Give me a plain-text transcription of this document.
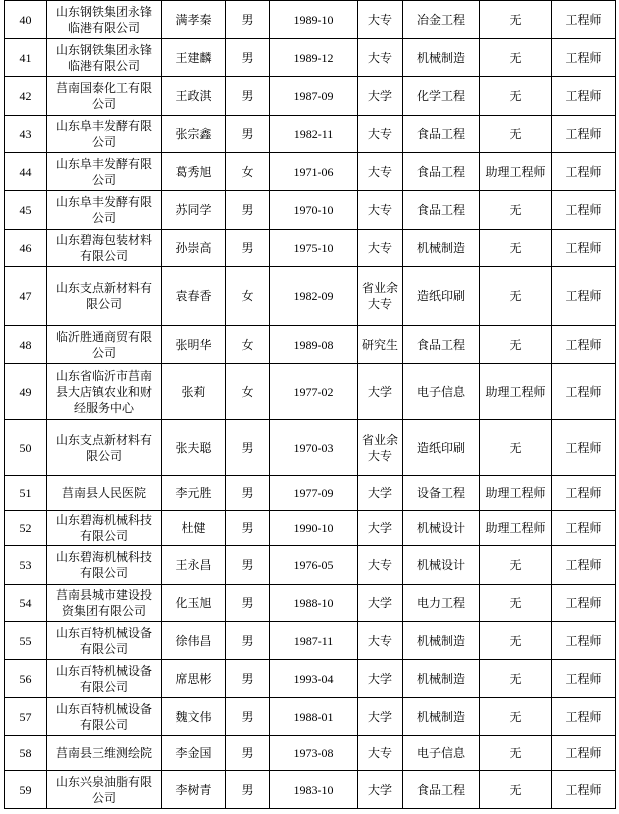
40	山东钢铁集团永锋临港有限公司	满孝秦	男	1989-10	大专	冶金工程	无	工程师
41	山东钢铁集团永锋临港有限公司	王建麟	男	1989-12	大专	机械制造	无	工程师
42	莒南国泰化工有限公司	王政淇	男	1987-09	大学	化学工程	无	工程师
43	山东阜丰发酵有限公司	张宗鑫	男	1982-11	大专	食品工程	无	工程师
44	山东阜丰发酵有限公司	葛秀旭	女	1971-06	大专	食品工程	助理工程师	工程师
45	山东阜丰发酵有限公司	苏同学	男	1970-10	大专	食品工程	无	工程师
46	山东碧海包装材料有限公司	孙崇高	男	1975-10	大专	机械制造	无	工程师
47	山东支点新材料有限公司	袁春香	女	1982-09	省业余大专	造纸印刷	无	工程师
48	临沂胜通商贸有限公司	张明华	女	1989-08	研究生	食品工程	无	工程师
49	山东省临沂市莒南县大店镇农业和财经服务中心	张莉	女	1977-02	大学	电子信息	助理工程师	工程师
50	山东支点新材料有限公司	张夫聪	男	1970-03	省业余大专	造纸印刷	无	工程师
51	莒南县人民医院	李元胜	男	1977-09	大学	设备工程	助理工程师	工程师
52	山东碧海机械科技有限公司	杜健	男	1990-10	大学	机械设计	助理工程师	工程师
53	山东碧海机械科技有限公司	王永昌	男	1976-05	大专	机械设计	无	工程师
54	莒南县城市建设投资集团有限公司	化玉旭	男	1988-10	大学	电力工程	无	工程师
55	山东百特机械设备有限公司	徐伟昌	男	1987-11	大专	机械制造	无	工程师
56	山东百特机械设备有限公司	席思彬	男	1993-04	大学	机械制造	无	工程师
57	山东百特机械设备有限公司	魏文伟	男	1988-01	大学	机械制造	无	工程师
58	莒南县三维测绘院	李金国	男	1973-08	大专	电子信息	无	工程师
59	山东兴泉油脂有限公司	李树青	男	1983-10	大学	食品工程	无	工程师
